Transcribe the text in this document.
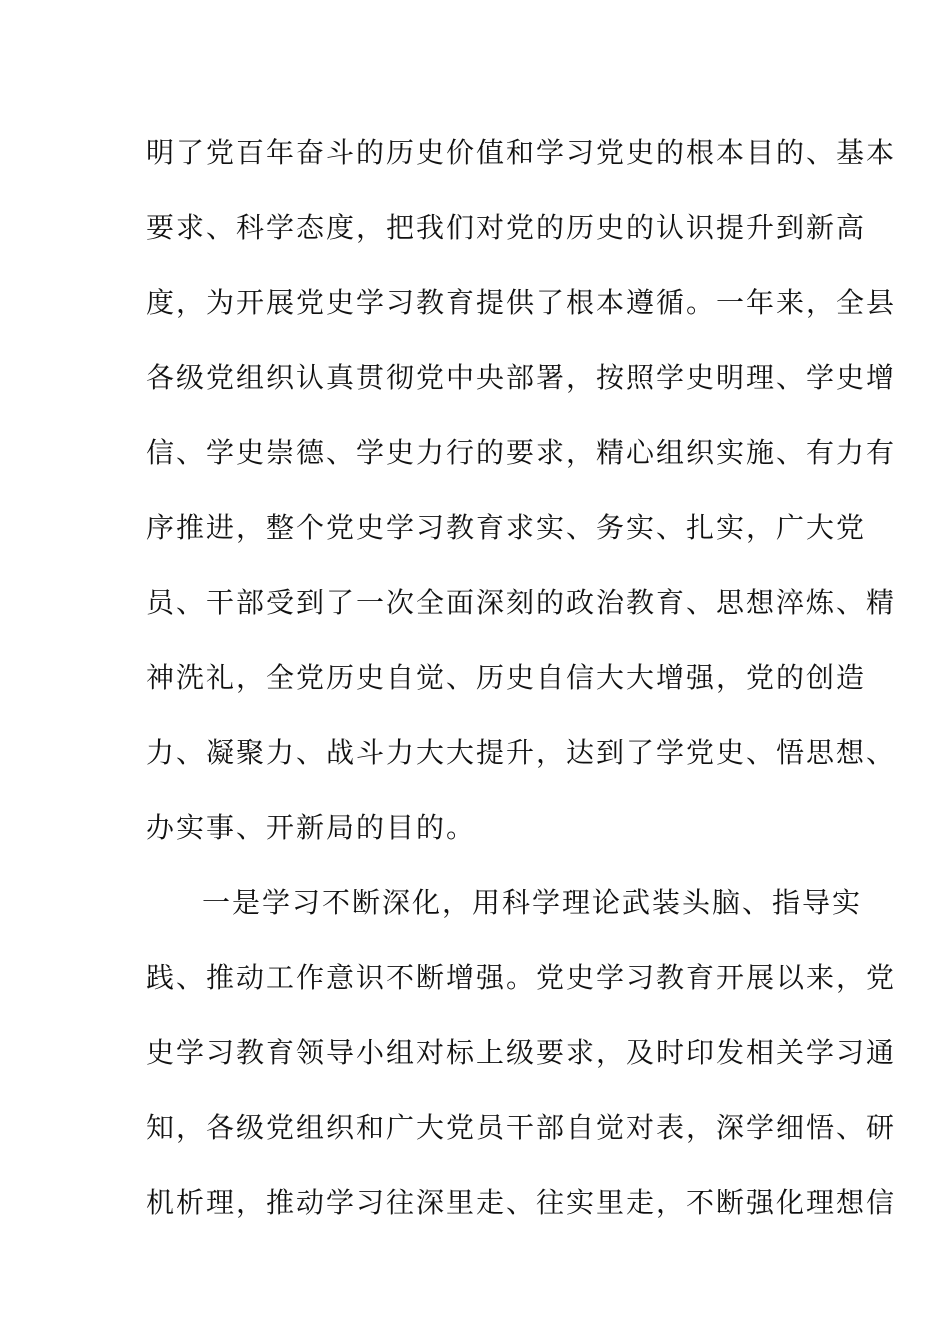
明了党百年奋斗的历史价值和学习党史的根本目的、基本
要求、科学态度，把我们对党的历史的认识提升到新高
度，为开展党史学习教育提供了根本遵循。一年来，全县
各级党组织认真贯彻党中央部署，按照学史明理、学史增
信、学史崇德、学史力行的要求，精心组织实施、有力有
序推进，整个党史学习教育求实、务实、扎实，广大党
员、干部受到了一次全面深刻的政治教育、思想淬炼、精
神洗礼，全党历史自觉、历史自信大大增强，党的创造
力、凝聚力、战斗力大大提升，达到了学党史、悟思想、
办实事、开新局的目的。
一是学习不断深化，用科学理论武装头脑、指导实
践、推动工作意识不断增强。党史学习教育开展以来，党
史学习教育领导小组对标上级要求，及时印发相关学习通
知，各级党组织和广大党员干部自觉对表，深学细悟、研
机析理，推动学习往深里走、往实里走，不断强化理想信
